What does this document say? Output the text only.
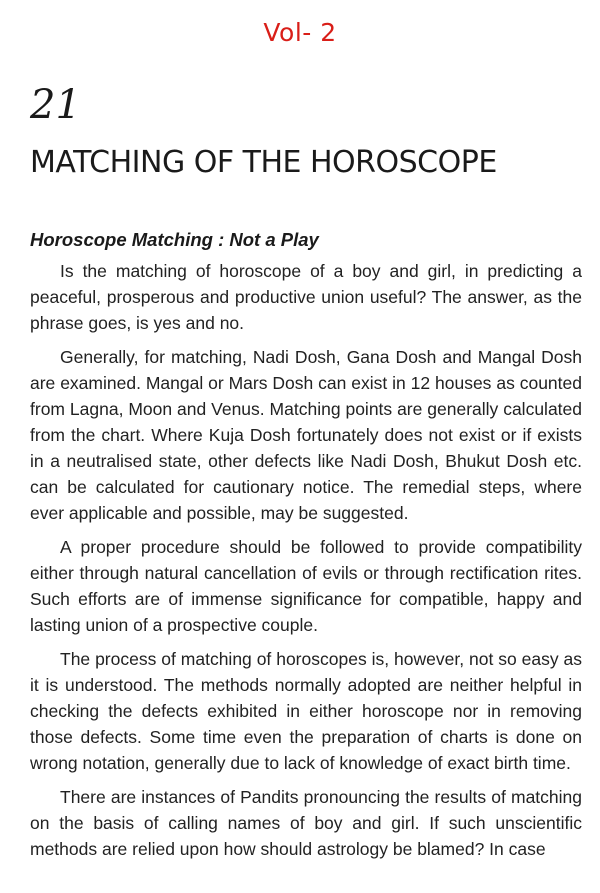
Vol- 2
21
MATCHING OF THE HOROSCOPE
Horoscope Matching : Not a Play

Is the matching of horoscope of a boy and girl, in predicting a peaceful, prosperous and productive union useful? The answer, as the phrase goes, is yes and no.

Generally, for matching, Nadi Dosh, Gana Dosh and Mangal Dosh are examined. Mangal or Mars Dosh can exist in 12 houses as counted from Lagna, Moon and Venus. Matching points are generally calculated from the chart. Where Kuja Dosh fortunately does not exist or if exists in a neutralised state, other defects like Nadi Dosh, Bhukut Dosh etc. can be calculated for cautionary notice. The remedial steps, where ever applicable and possible, may be suggested.

A proper procedure should be followed to provide compatibility either through natural cancellation of evils or through rectification rites. Such efforts are of immense significance for compatible, happy and lasting union of a prospective couple.

The process of matching of horoscopes is, however, not so easy as it is understood. The methods normally adopted are neither helpful in checking the defects exhibited in either horoscope nor in removing those defects. Some time even the preparation of charts is done on wrong notation, generally due to lack of knowledge of exact birth time.

There are instances of Pandits pronouncing the results of matching on the basis of calling names of boy and girl. If such unscientific methods are relied upon how should astrology be blamed? In case
